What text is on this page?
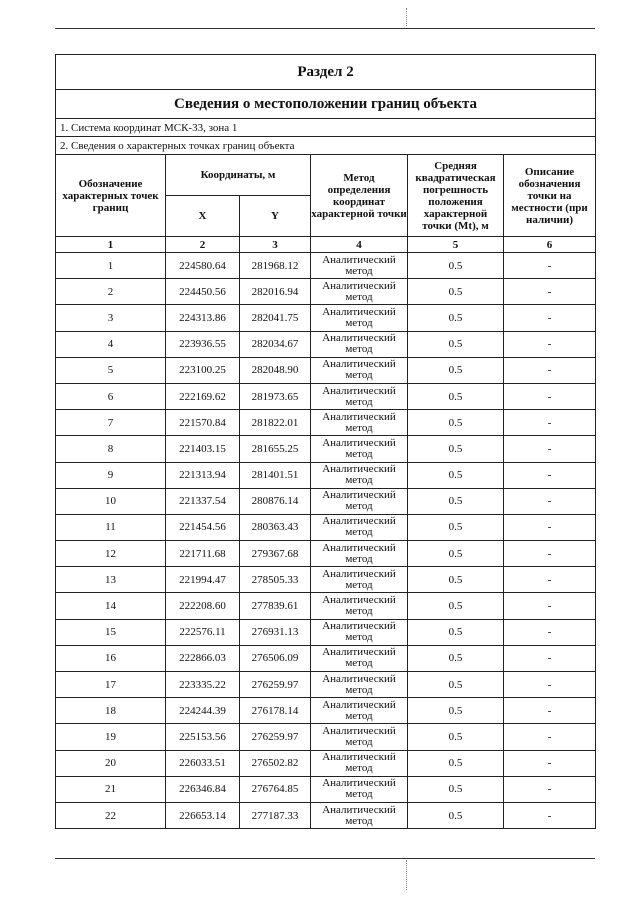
Раздел 2					
Сведения о местоположении границ объекта					
1. Система координат МСК-33, зона 1					
2. Сведения о характерных точках границ объекта					
Обозначение характерных точек границ	Координаты, м		Метод определения координат характерной точки	Средняя квадратическая погрешность положения характерной точки (Mt), м	Описание обозначения точки на местности (при наличии)
	X	Y			
1	2	3	4	5	6
1	224580.64	281968.12	Аналитический метод	0.5	-
2	224450.56	282016.94	Аналитический метод	0.5	-
3	224313.86	282041.75	Аналитический метод	0.5	-
4	223936.55	282034.67	Аналитический метод	0.5	-
5	223100.25	282048.90	Аналитический метод	0.5	-
6	222169.62	281973.65	Аналитический метод	0.5	-
7	221570.84	281822.01	Аналитический метод	0.5	-
8	221403.15	281655.25	Аналитический метод	0.5	-
9	221313.94	281401.51	Аналитический метод	0.5	-
10	221337.54	280876.14	Аналитический метод	0.5	-
11	221454.56	280363.43	Аналитический метод	0.5	-
12	221711.68	279367.68	Аналитический метод	0.5	-
13	221994.47	278505.33	Аналитический метод	0.5	-
14	222208.60	277839.61	Аналитический метод	0.5	-
15	222576.11	276931.13	Аналитический метод	0.5	-
16	222866.03	276506.09	Аналитический метод	0.5	-
17	223335.22	276259.97	Аналитический метод	0.5	-
18	224244.39	276178.14	Аналитический метод	0.5	-
19	225153.56	276259.97	Аналитический метод	0.5	-
20	226033.51	276502.82	Аналитический метод	0.5	-
21	226346.84	276764.85	Аналитический метод	0.5	-
22	226653.14	277187.33	Аналитический метод	0.5	-
